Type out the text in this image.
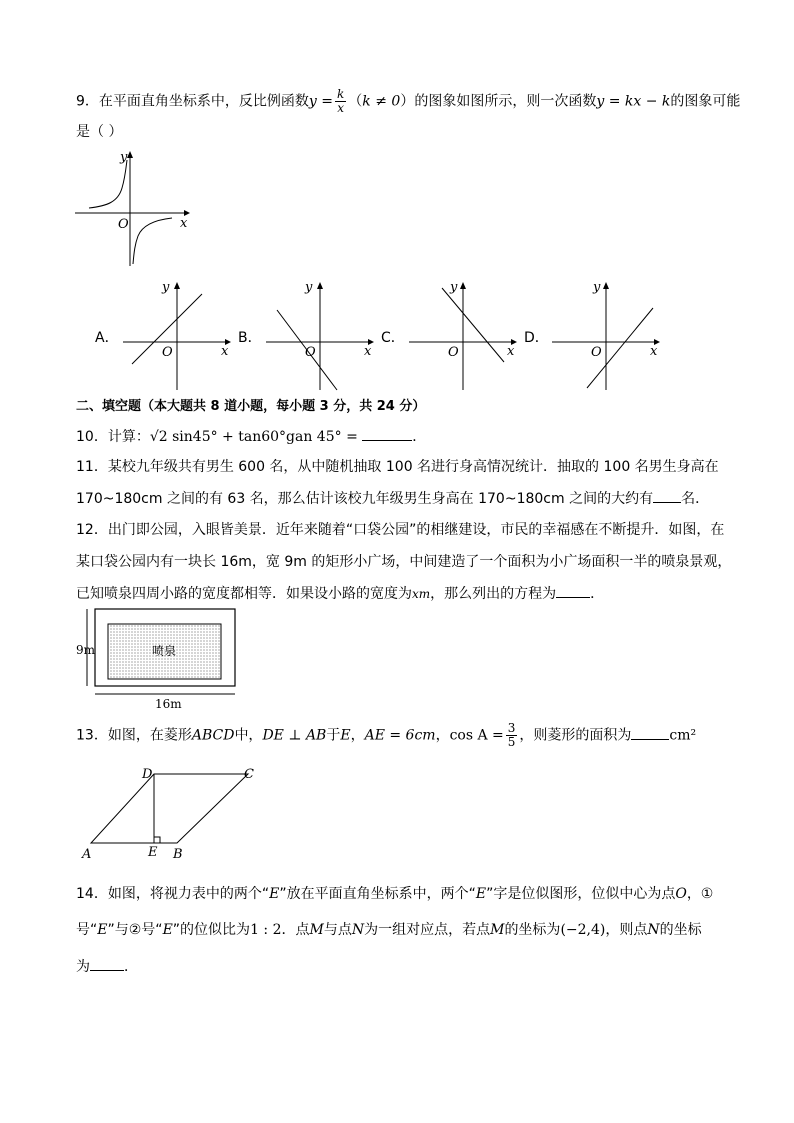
9．在平面直角坐标系中，反比例函数$y = \frac{k}{x} (k \ne 0)$的图象如图所示，则一次函数y = kx − k的图象可能
是（ ）
y
x
O
A．
y
x
O
B．
y
x
O
C．
y
x
O
D．
y
x
O
二、填空题（本大题共 8 道小题，每小题 3 分，共 24 分）
10．计算：√2 sin45° + tan60°gan 45° =	．
11．某校九年级共有男生 600 名，从中随机抽取 100 名进行身高情况统计．抽取的 100 名男生身高在
170~180cm 之间的有 63 名，那么估计该校九年级男生身高在 170~180cm 之间的大约有 名．
12．出门即公园，入眼皆美景．近年来随着“口袋公园”的相继建设，市民的幸福感在不断提升．如图，在
某口袋公园内有一块长 16m，宽 9m 的矩形小广场，中间建造了一个面积为小广场面积一半的喷泉景观，
已知喷泉四周小路的宽度都相等．如果设小路的宽度为xm，那么列出的方程为 ．
喷泉
9m
16m
13．如图，在菱形ABCD中，DE ⊥ AB于E，AE = 6cm，$\cos A = \frac{3}{5}$ ，则菱形的面积为	cm²
A	B
C
D
E
14．如图，将视力表中的两个“E”放在平面直角坐标系中，两个“E”字是位似图形，位似中心为点O，①
号“E”与②号“E”的位似比为1 : 2．点M与点N为一组对应点，若点M的坐标为(−2,4)，则点N的坐标
为 ．
